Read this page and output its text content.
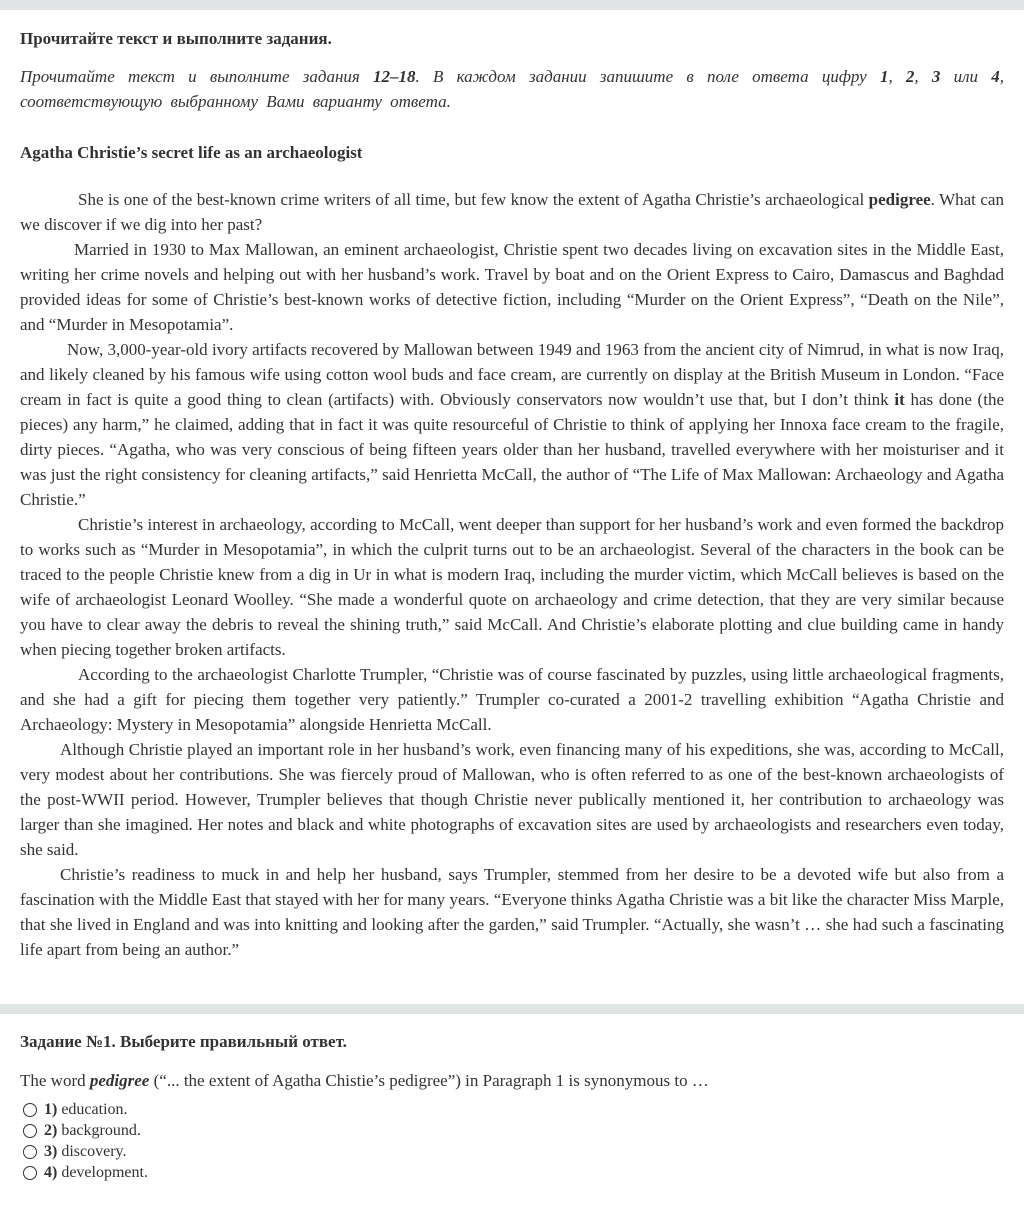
Прочитайте текст и выполните задания.

Прочитайте текст и выполните задания 12–18. В каждом задании запишите в поле ответа цифру 1, 2, 3 или 4, соответствующую выбранному Вами варианту ответа.

Agatha Christie’s secret life as an archaeologist

She is one of the best-known crime writers of all time, but few know the extent of Agatha Christie’s archaeological pedigree. What can we discover if we dig into her past?

Married in 1930 to Max Mallowan, an eminent archaeologist, Christie spent two decades living on excavation sites in the Middle East, writing her crime novels and helping out with her husband’s work. Travel by boat and on the Orient Express to Cairo, Damascus and Baghdad provided ideas for some of Christie’s best-known works of detective fiction, including “Murder on the Orient Express”, “Death on the Nile”, and “Murder in Mesopotamia”.

Now, 3,000-year-old ivory artifacts recovered by Mallowan between 1949 and 1963 from the ancient city of Nimrud, in what is now Iraq, and likely cleaned by his famous wife using cotton wool buds and face cream, are currently on display at the British Museum in London. “Face cream in fact is quite a good thing to clean (artifacts) with. Obviously conservators now wouldn’t use that, but I don’t think it has done (the pieces) any harm,” he claimed, adding that in fact it was quite resourceful of Christie to think of applying her Innoxa face cream to the fragile, dirty pieces. “Agatha, who was very conscious of being fifteen years older than her husband, travelled everywhere with her moisturiser and it was just the right consistency for cleaning artifacts,” said Henrietta McCall, the author of “The Life of Max Mallowan: Archaeology and Agatha Christie.”

Christie’s interest in archaeology, according to McCall, went deeper than support for her husband’s work and even formed the backdrop to works such as “Murder in Mesopotamia”, in which the culprit turns out to be an archaeologist. Several of the characters in the book can be traced to the people Christie knew from a dig in Ur in what is modern Iraq, including the murder victim, which McCall believes is based on the wife of archaeologist Leonard Woolley. “She made a wonderful quote on archaeology and crime detection, that they are very similar because you have to clear away the debris to reveal the shining truth,” said McCall. And Christie’s elaborate plotting and clue building came in handy when piecing together broken artifacts.

According to the archaeologist Charlotte Trumpler, “Christie was of course fascinated by puzzles, using little archaeological fragments, and she had a gift for piecing them together very patiently.” Trumpler co-curated a 2001-2 travelling exhibition “Agatha Christie and Archaeology: Mystery in Mesopotamia” alongside Henrietta McCall.

Although Christie played an important role in her husband’s work, even financing many of his expeditions, she was, according to McCall, very modest about her contributions. She was fiercely proud of Mallowan, who is often referred to as one of the best-known archaeologists of the post-WWII period. However, Trumpler believes that though Christie never publically mentioned it, her contribution to archaeology was larger than she imagined. Her notes and black and white photographs of excavation sites are used by archaeologists and researchers even today, she said.

Christie’s readiness to muck in and help her husband, says Trumpler, stemmed from her desire to be a devoted wife but also from a fascination with the Middle East that stayed with her for many years. “Everyone thinks Agatha Christie was a bit like the character Miss Marple, that she lived in England and was into knitting and looking after the garden,” said Trumpler. “Actually, she wasn’t … she had such a fascinating life apart from being an author.”

Задание №1. Выберите правильный ответ.

The word pedigree (“... the extent of Agatha Chistie’s pedigree”) in Paragraph 1 is synonymous to …

1) education.
2) background.
3) discovery.
4) development.
